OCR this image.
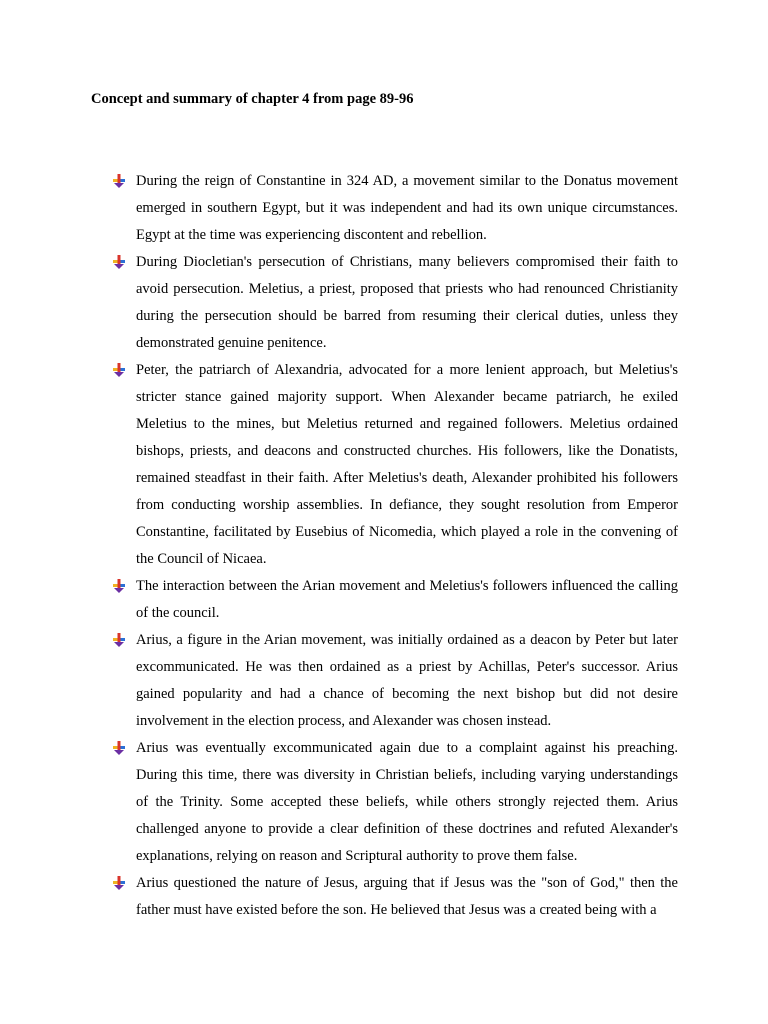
Concept and summary of chapter 4 from page 89-96
During the reign of Constantine in 324 AD, a movement similar to the Donatus movement emerged in southern Egypt, but it was independent and had its own unique circumstances. Egypt at the time was experiencing discontent and rebellion.
During Diocletian's persecution of Christians, many believers compromised their faith to avoid persecution. Meletius, a priest, proposed that priests who had renounced Christianity during the persecution should be barred from resuming their clerical duties, unless they demonstrated genuine penitence.
Peter, the patriarch of Alexandria, advocated for a more lenient approach, but Meletius's stricter stance gained majority support. When Alexander became patriarch, he exiled Meletius to the mines, but Meletius returned and regained followers. Meletius ordained bishops, priests, and deacons and constructed churches. His followers, like the Donatists, remained steadfast in their faith. After Meletius's death, Alexander prohibited his followers from conducting worship assemblies. In defiance, they sought resolution from Emperor Constantine, facilitated by Eusebius of Nicomedia, which played a role in the convening of the Council of Nicaea.
The interaction between the Arian movement and Meletius's followers influenced the calling of the council.
Arius, a figure in the Arian movement, was initially ordained as a deacon by Peter but later excommunicated. He was then ordained as a priest by Achillas, Peter's successor. Arius gained popularity and had a chance of becoming the next bishop but did not desire involvement in the election process, and Alexander was chosen instead.
Arius was eventually excommunicated again due to a complaint against his preaching. During this time, there was diversity in Christian beliefs, including varying understandings of the Trinity. Some accepted these beliefs, while others strongly rejected them. Arius challenged anyone to provide a clear definition of these doctrines and refuted Alexander's explanations, relying on reason and Scriptural authority to prove them false.
Arius questioned the nature of Jesus, arguing that if Jesus was the "son of God," then the father must have existed before the son. He believed that Jesus was a created being with a
